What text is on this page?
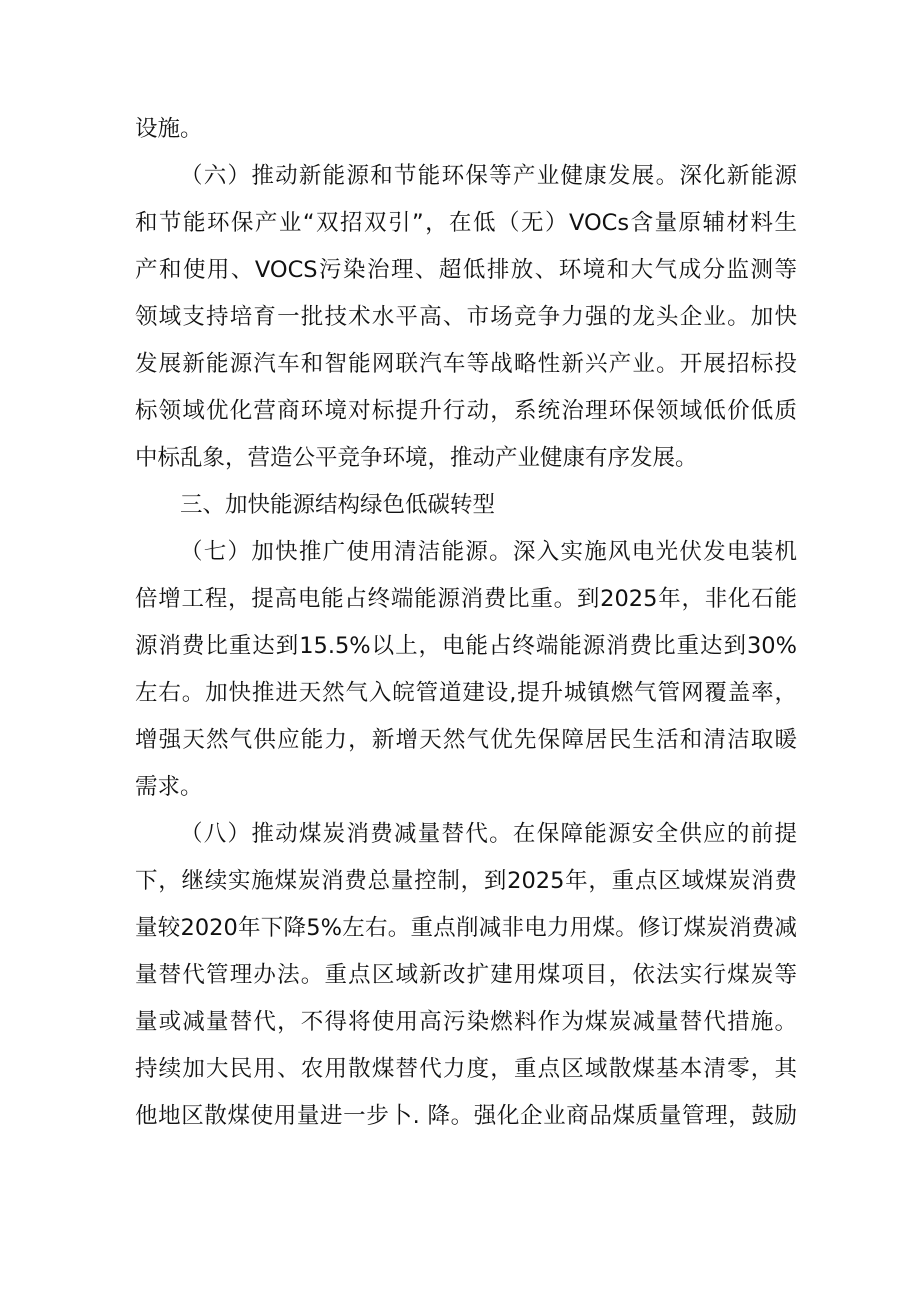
设施。
（六）推动新能源和节能环保等产业健康发展。深化新能源
和节能环保产业“双招双引”，在低（无）VOCs含量原辅材料生
产和使用、VOCS污染治理、超低排放、环境和大气成分监测等
领域支持培育一批技术水平高、市场竞争力强的龙头企业。加快
发展新能源汽车和智能网联汽车等战略性新兴产业。开展招标投
标领域优化营商环境对标提升行动，系统治理环保领域低价低质
中标乱象，营造公平竞争环境，推动产业健康有序发展。
三、加快能源结构绿色低碳转型
（七）加快推广使用清洁能源。深入实施风电光伏发电装机
倍增工程，提高电能占终端能源消费比重。到2025年，非化石能
源消费比重达到15.5%以上，电能占终端能源消费比重达到30%
左右。加快推进天然气入皖管道建设,提升城镇燃气管网覆盖率，
增强天然气供应能力，新增天然气优先保障居民生活和清洁取暖
需求。
（八）推动煤炭消费减量替代。在保障能源安全供应的前提
下，继续实施煤炭消费总量控制，到2025年，重点区域煤炭消费
量较2020年下降5%左右。重点削减非电力用煤。修订煤炭消费减
量替代管理办法。重点区域新改扩建用煤项目，依法实行煤炭等
量或减量替代，不得将使用高污染燃料作为煤炭减量替代措施。
持续加大民用、农用散煤替代力度，重点区域散煤基本清零，其
他地区散煤使用量进一步卜. 降。强化企业商品煤质量管理，鼓励
